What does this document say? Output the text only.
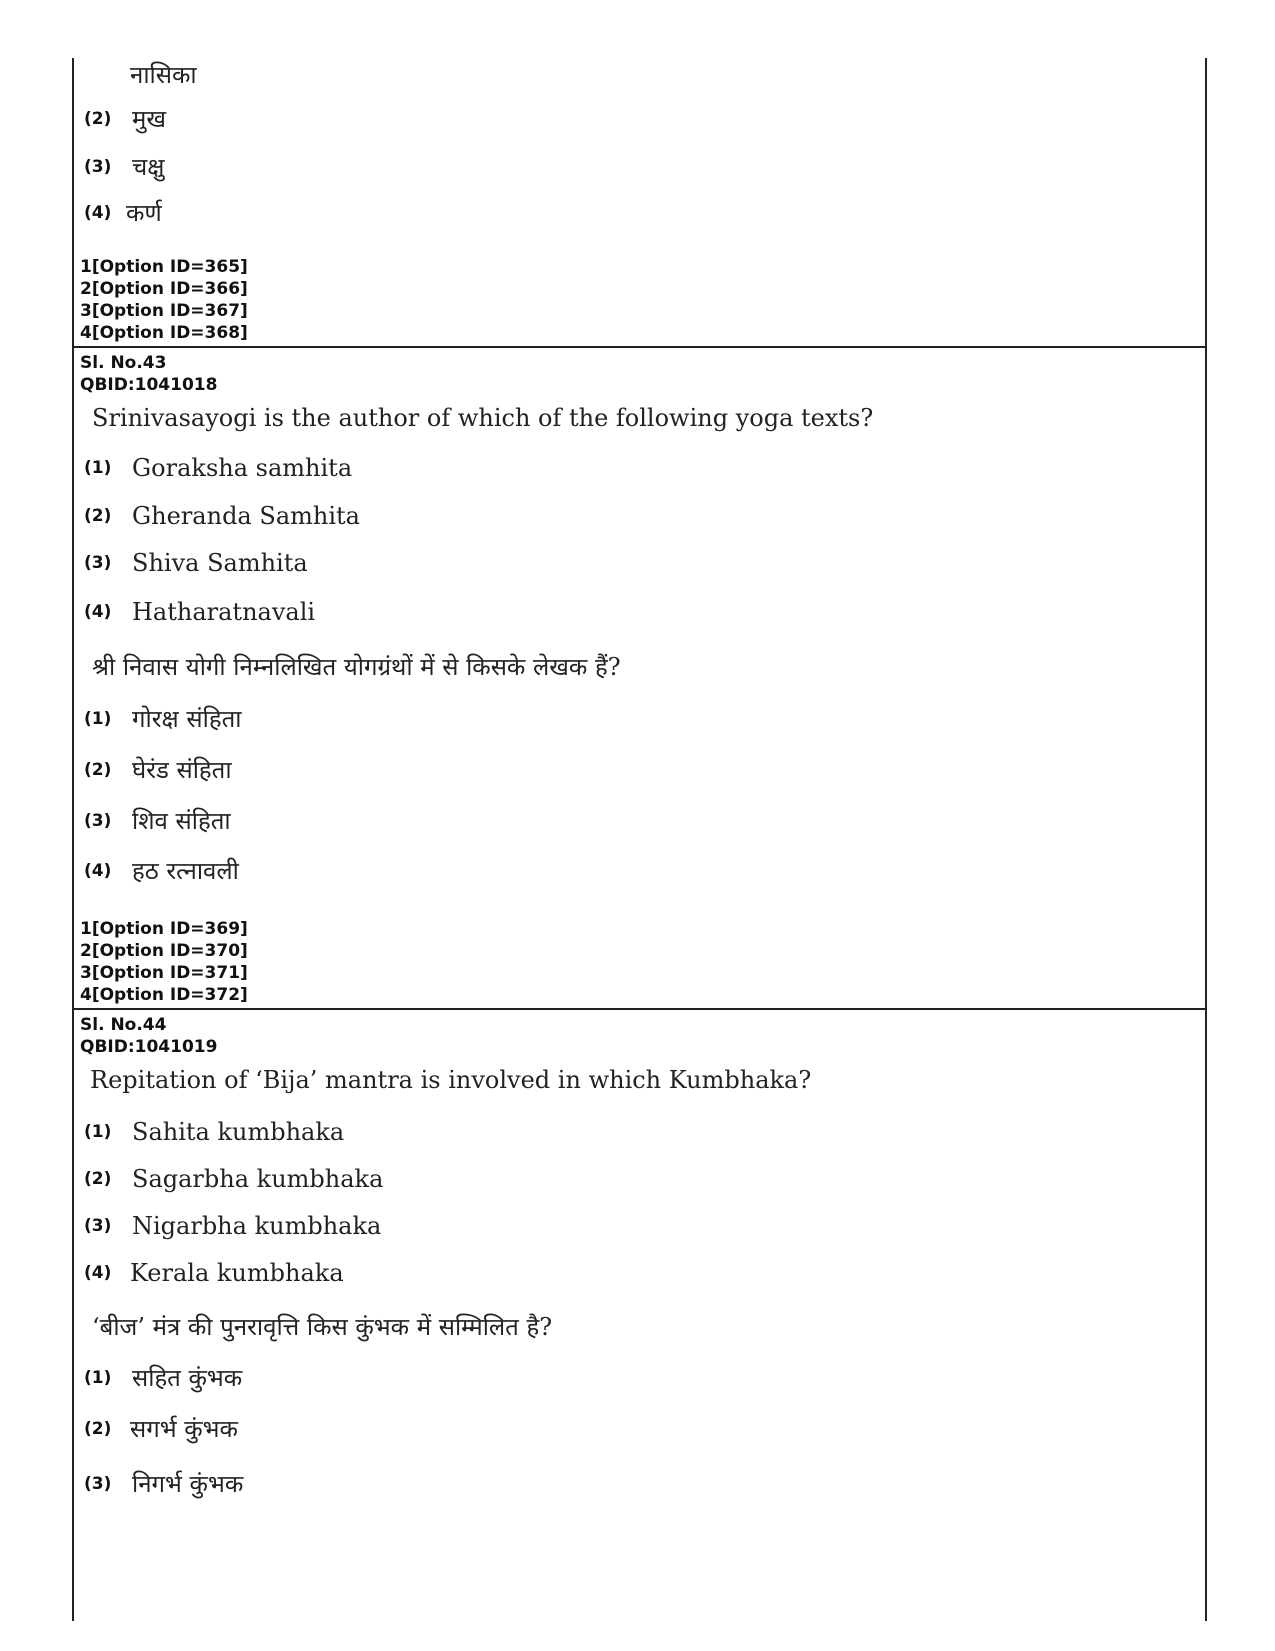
नासिका
(2) मुख
(3) चक्षु
(4) कर्ण
1[Option ID=365]
2[Option ID=366]
3[Option ID=367]
4[Option ID=368]
Sl. No.43
QBID:1041018
Srinivasayogi is the author of which of the following yoga texts?
(1) Goraksha samhita
(2) Gheranda Samhita
(3) Shiva Samhita
(4) Hatharatnavali
श्री निवास योगी निम्नलिखित योगग्रंथों में से किसके लेखक हैं?
(1) गोरक्ष संहिता
(2) घेरंड संहिता
(3) शिव संहिता
(4) हठ रत्नावली
1[Option ID=369]
2[Option ID=370]
3[Option ID=371]
4[Option ID=372]
Sl. No.44
QBID:1041019
Repitation of ‘Bija’ mantra is involved in which Kumbhaka?
(1) Sahita kumbhaka
(2) Sagarbha kumbhaka
(3) Nigarbha kumbhaka
(4) Kerala kumbhaka
‘बीज’ मंत्र की पुनरावृत्ति किस कुंभक में सम्मिलित है?
(1) सहित कुंभक
(2) सगर्भ कुंभक
(3) निगर्भ कुंभक
